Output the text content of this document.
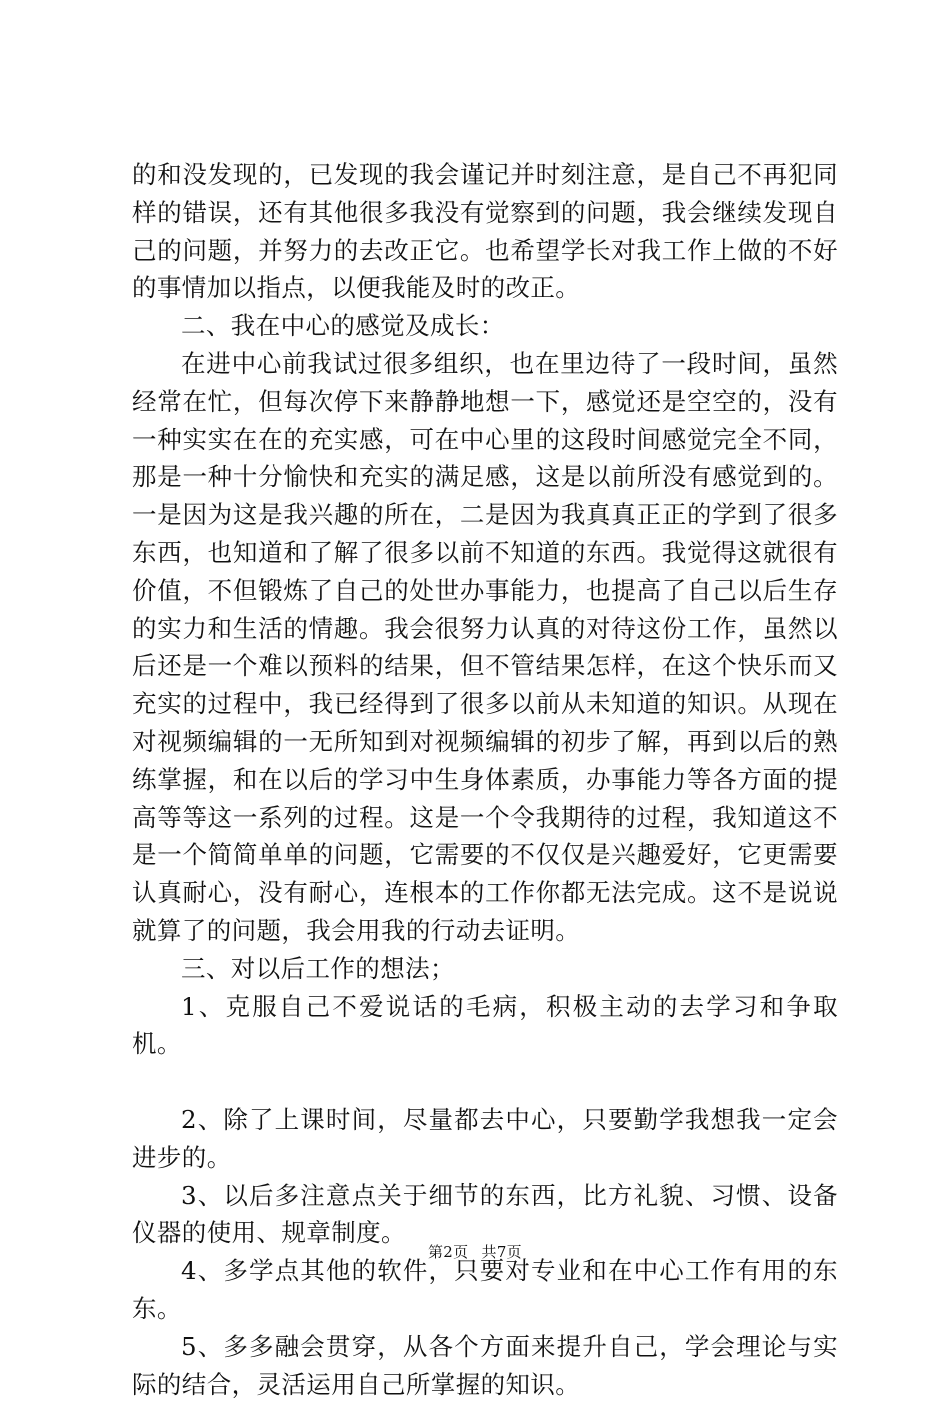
的和没发现的，已发现的我会谨记并时刻注意，是自己不再犯同样的错误，还有其他很多我没有觉察到的问题，我会继续发现自己的问题，并努力的去改正它。也希望学长对我工作上做的不好的事情加以指点，以便我能及时的改正。

二、我在中心的感觉及成长：

在进中心前我试过很多组织，也在里边待了一段时间，虽然经常在忙，但每次停下来静静地想一下，感觉还是空空的，没有一种实实在在的充实感，可在中心里的这段时间感觉完全不同，那是一种十分愉快和充实的满足感，这是以前所没有感觉到的。一是因为这是我兴趣的所在，二是因为我真真正正的学到了很多东西，也知道和了解了很多以前不知道的东西。我觉得这就很有价值，不但锻炼了自己的处世办事能力，也提高了自己以后生存的实力和生活的情趣。我会很努力认真的对待这份工作，虽然以后还是一个难以预料的结果，但不管结果怎样，在这个快乐而又充实的过程中，我已经得到了很多以前从未知道的知识。从现在对视频编辑的一无所知到对视频编辑的初步了解，再到以后的熟练掌握，和在以后的学习中生身体素质，办事能力等各方面的提高等等这一系列的过程。这是一个令我期待的过程，我知道这不是一个简简单单的问题，它需要的不仅仅是兴趣爱好，它更需要认真耐心，没有耐心，连根本的工作你都无法完成。这不是说说就算了的问题，我会用我的行动去证明。

三、对以后工作的想法；

1、克服自己不爱说话的毛病，积极主动的去学习和争取机。

2、除了上课时间，尽量都去中心，只要勤学我想我一定会进步的。

3、以后多注意点关于细节的东西，比方礼貌、习惯、设备仪器的使用、规章制度。

4、多学点其他的软件，只要对专业和在中心工作有用的东东。

5、多多融会贯穿，从各个方面来提升自己，学会理论与实际的结合，灵活运用自己所掌握的知识。

第2页 共7页
